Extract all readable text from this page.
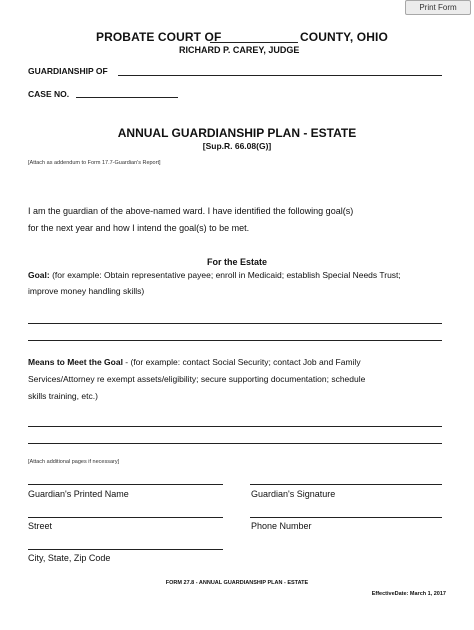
Print Form
PROBATE COURT OF	COUNTY, OHIO
RICHARD P. CAREY, JUDGE
GUARDIANSHIP OF
CASE NO.
ANNUAL GUARDIANSHIP PLAN - ESTATE
[Sup.R. 66.08(G)]
[Attach as addendum to Form 17.7-Guardian's Report]
I am the guardian of the above-named ward. I have identified the following goal(s)
for the next year and how I intend the goal(s) to be met.
For the Estate
Goal: (for example: Obtain representative payee; enroll in Medicaid; establish Special Needs Trust;
improve money handling skills)
Means to Meet the Goal - (for example: contact Social Security; contact Job and Family
Services/Attorney re exempt assets/eligibility; secure supporting documentation; schedule
skills training, etc.)
[Attach additional pages if necessary]
Guardian's Printed Name	Guardian's Signature
Street	Phone Number
City, State, Zip Code
FORM 27.8 - ANNUAL GUARDIANSHIP PLAN - ESTATE
EffectiveDate: March 1, 2017
